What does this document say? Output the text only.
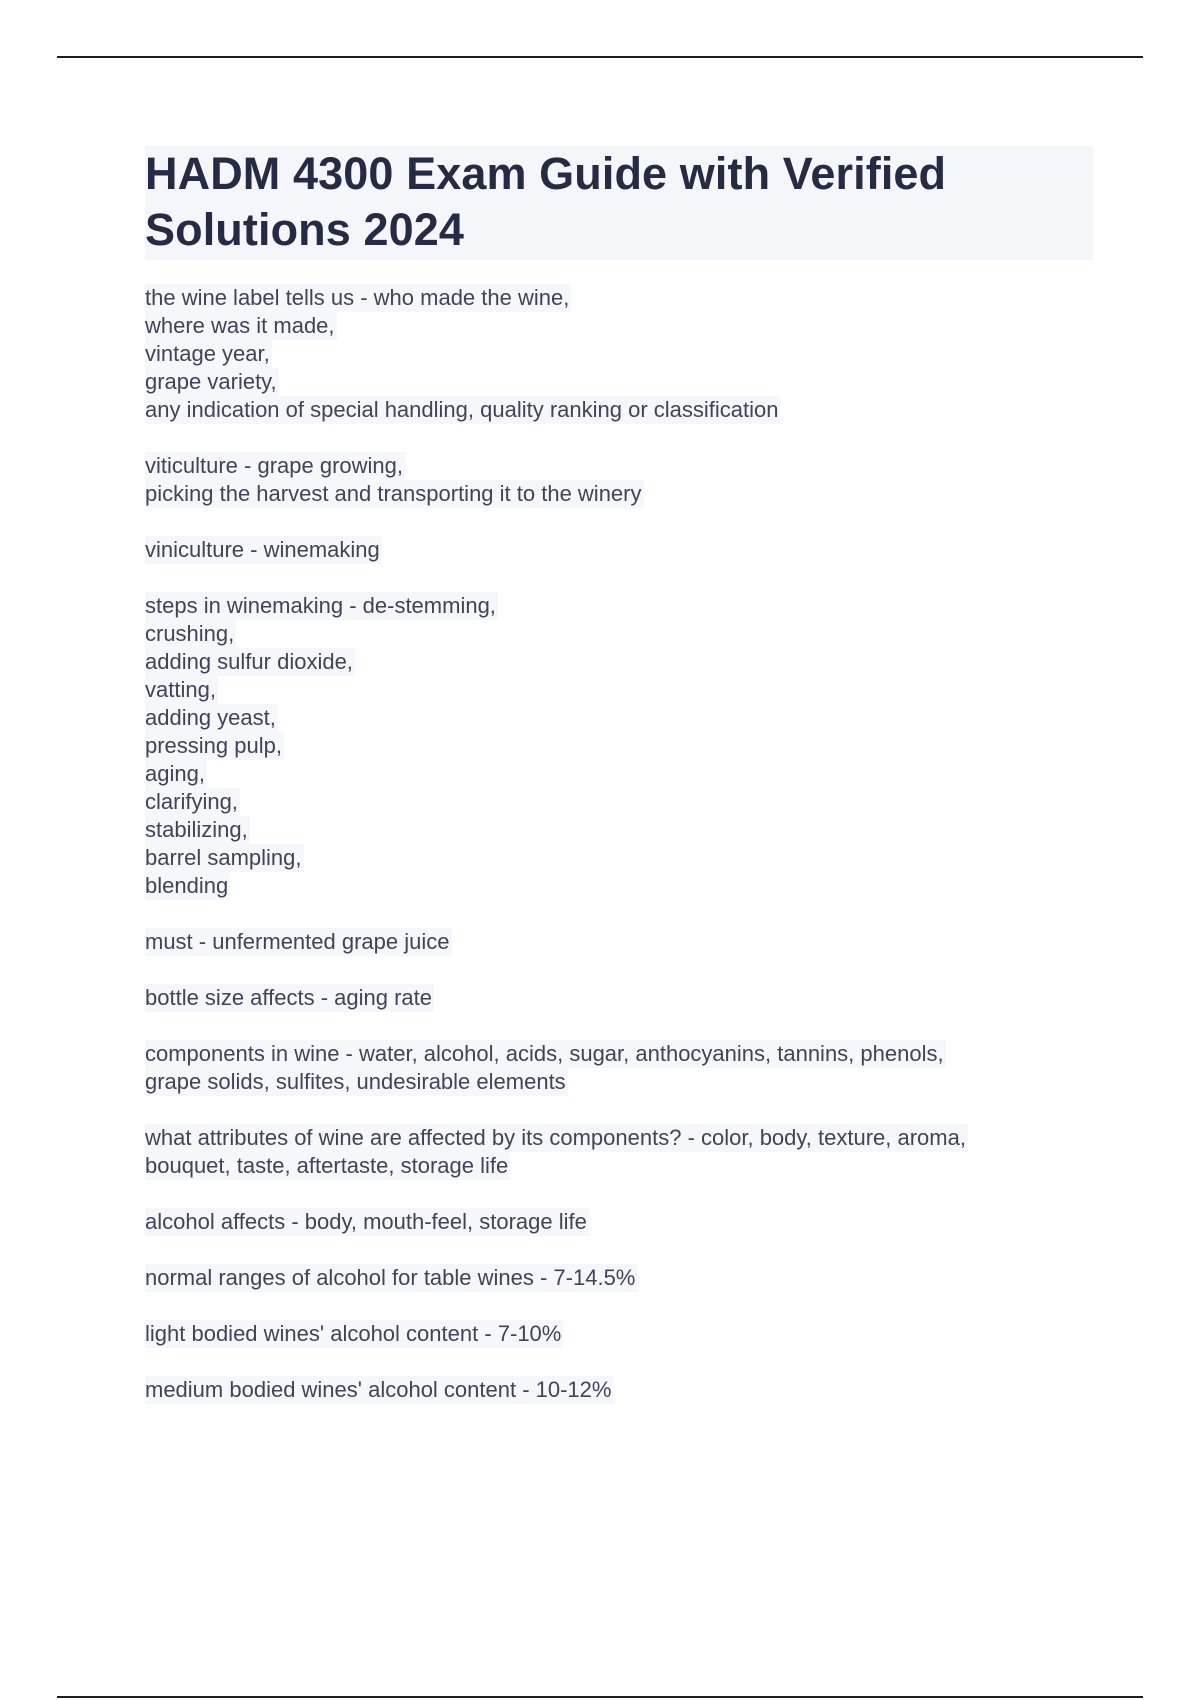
HADM 4300 Exam Guide with Verified
Solutions 2024
the wine label tells us - who made the wine,
where was it made,
vintage year,
grape variety,
any indication of special handling, quality ranking or classification
viticulture - grape growing,
picking the harvest and transporting it to the winery
viniculture - winemaking
steps in winemaking - de-stemming,
crushing,
adding sulfur dioxide,
vatting,
adding yeast,
pressing pulp,
aging,
clarifying,
stabilizing,
barrel sampling,
blending
must - unfermented grape juice
bottle size affects - aging rate
components in wine - water, alcohol, acids, sugar, anthocyanins, tannins, phenols,
grape solids, sulfites, undesirable elements
what attributes of wine are affected by its components? - color, body, texture, aroma,
bouquet, taste, aftertaste, storage life
alcohol affects - body, mouth-feel, storage life
normal ranges of alcohol for table wines - 7-14.5%
light bodied wines' alcohol content - 7-10%
medium bodied wines' alcohol content - 10-12%
